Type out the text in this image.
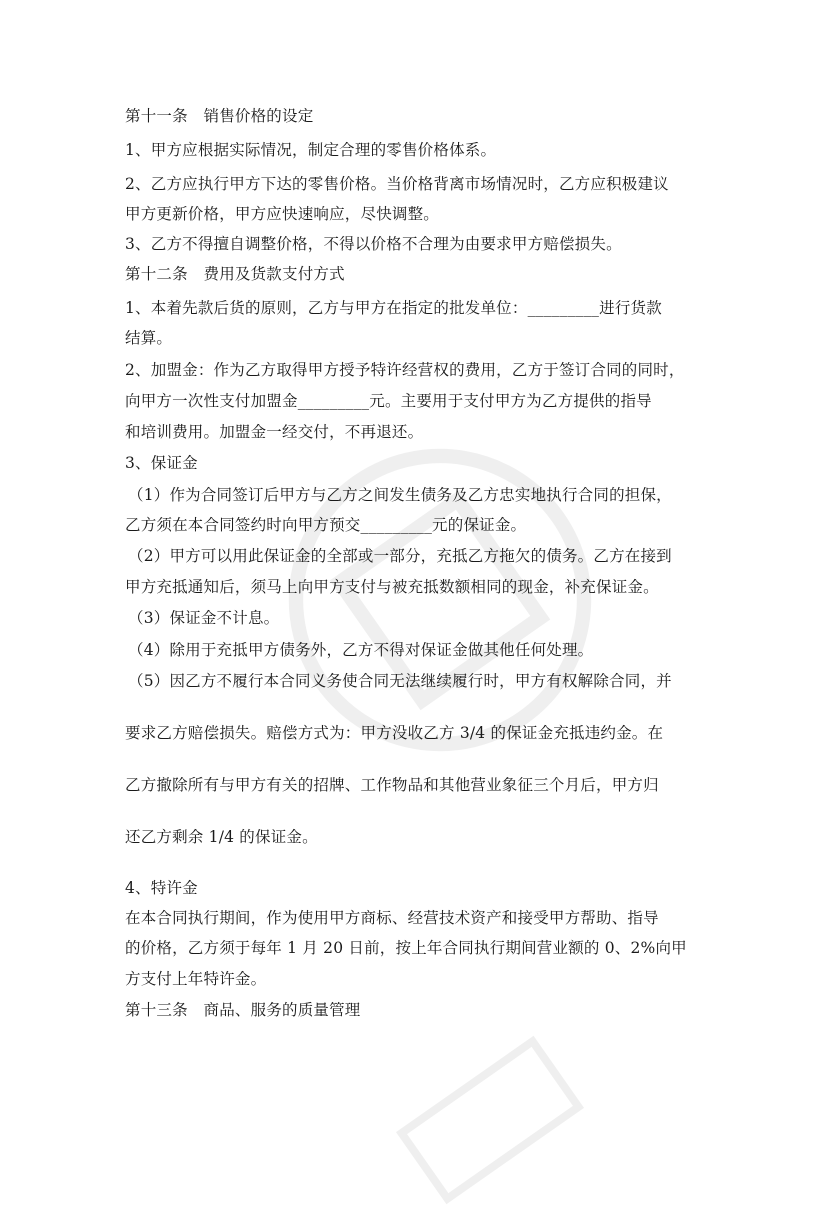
第十一条　销售价格的设定
1、甲方应根据实际情况，制定合理的零售价格体系。
2、乙方应执行甲方下达的零售价格。当价格背离市场情况时，乙方应积极建议
甲方更新价格，甲方应快速响应，尽快调整。
3、乙方不得擅自调整价格，不得以价格不合理为由要求甲方赔偿损失。
第十二条　费用及货款支付方式
1、本着先款后货的原则，乙方与甲方在指定的批发单位：_________进行货款
结算。
2、加盟金：作为乙方取得甲方授予特许经营权的费用，乙方于签订合同的同时，
向甲方一次性支付加盟金_________元。主要用于支付甲方为乙方提供的指导
和培训费用。加盟金一经交付，不再退还。
3、保证金
（1）作为合同签订后甲方与乙方之间发生债务及乙方忠实地执行合同的担保，
乙方须在本合同签约时向甲方预交_________元的保证金。
（2）甲方可以用此保证金的全部或一部分，充抵乙方拖欠的债务。乙方在接到
甲方充抵通知后，须马上向甲方支付与被充抵数额相同的现金，补充保证金。
（3）保证金不计息。
（4）除用于充抵甲方债务外，乙方不得对保证金做其他任何处理。
（5）因乙方不履行本合同义务使合同无法继续履行时，甲方有权解除合同，并
要求乙方赔偿损失。赔偿方式为：甲方没收乙方 3/4 的保证金充抵违约金。在
乙方撤除所有与甲方有关的招牌、工作物品和其他营业象征三个月后，甲方归
还乙方剩余 1/4 的保证金。
4、特许金
在本合同执行期间，作为使用甲方商标、经营技术资产和接受甲方帮助、指导
的价格，乙方须于每年 1 月 20 日前，按上年合同执行期间营业额的 0、2%向甲
方支付上年特许金。
第十三条　商品、服务的质量管理
